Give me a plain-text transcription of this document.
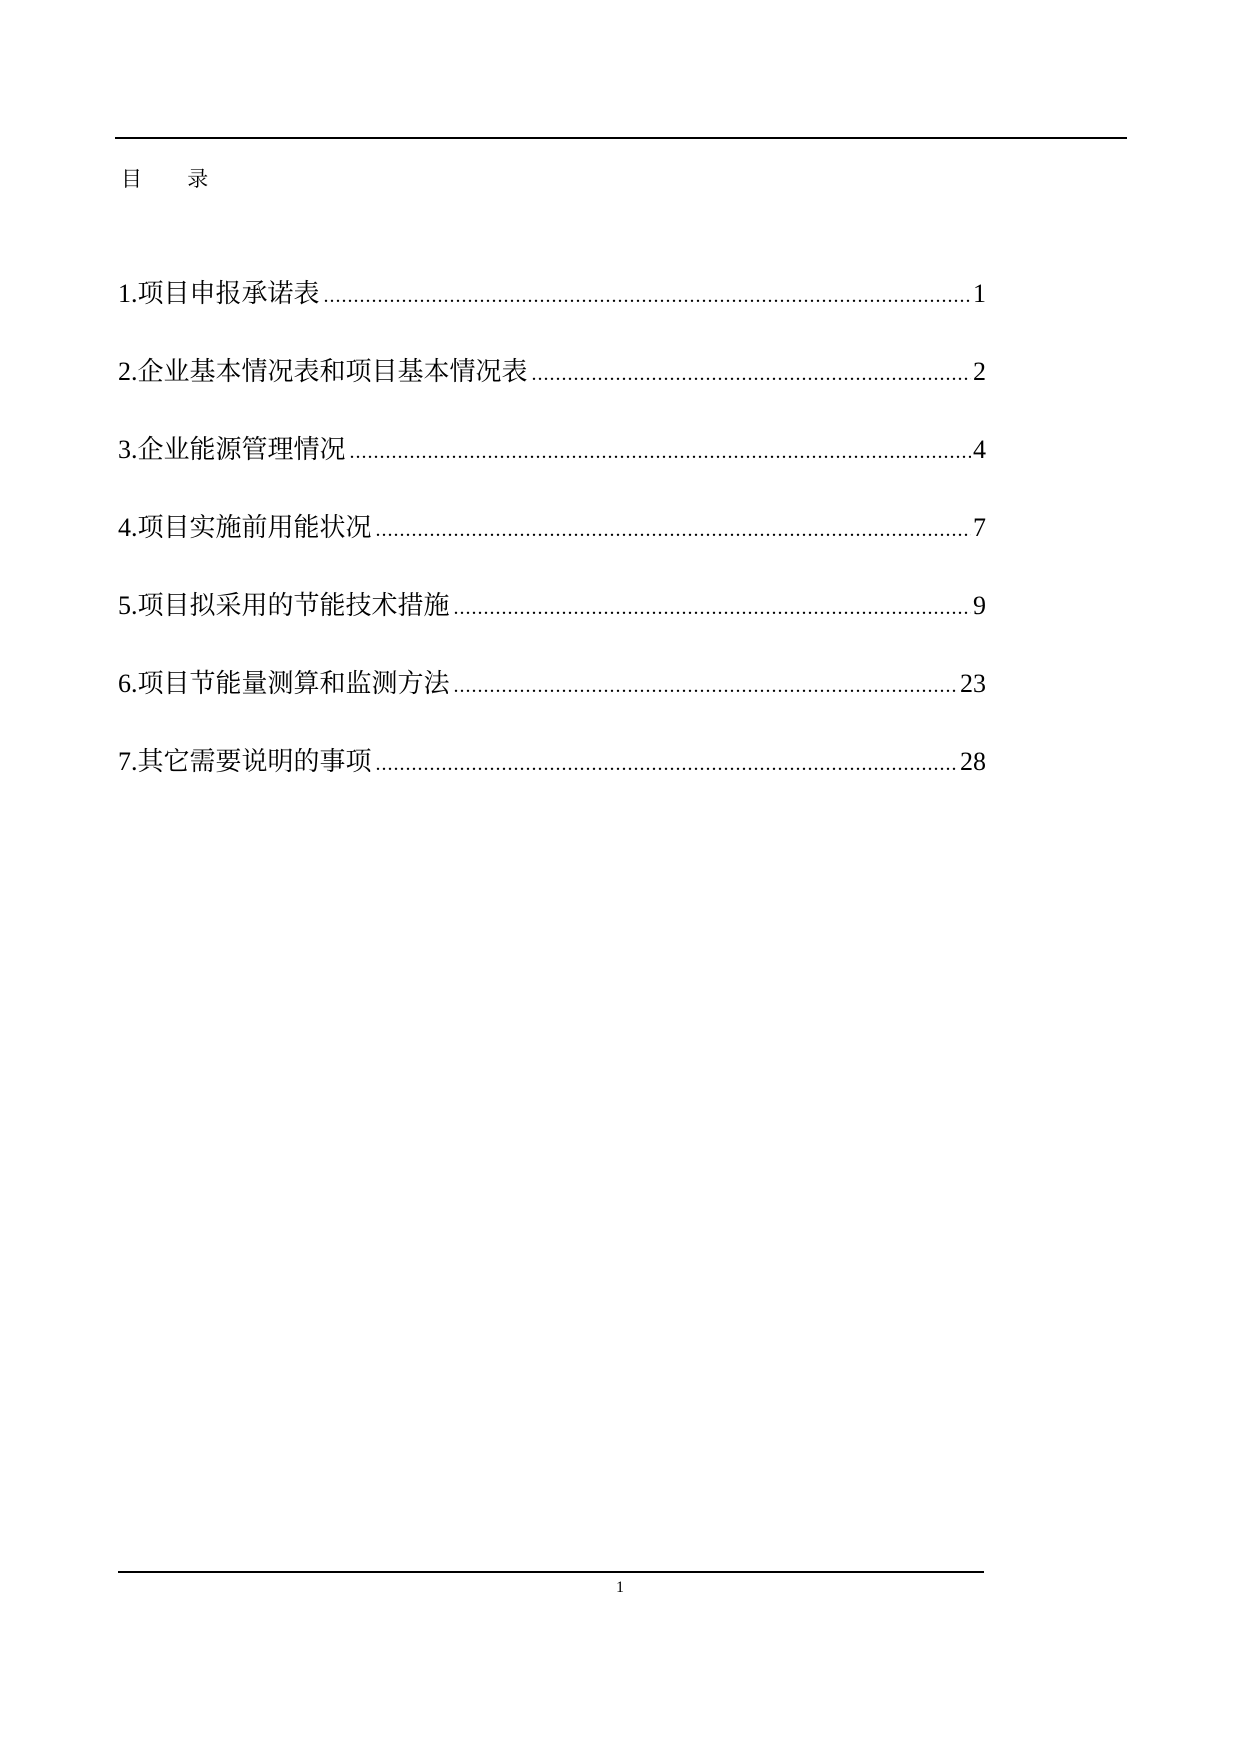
目 录
1.项目申报承诺表 .....	1
2.企业基本情况表和项目基本情况表 .....	2
3.企业能源管理情况 .....	4
4.项目实施前用能状况 .....	7
5.项目拟采用的节能技术措施 .....	9
6.项目节能量测算和监测方法 .....	23
7.其它需要说明的事项 .....	28
1
